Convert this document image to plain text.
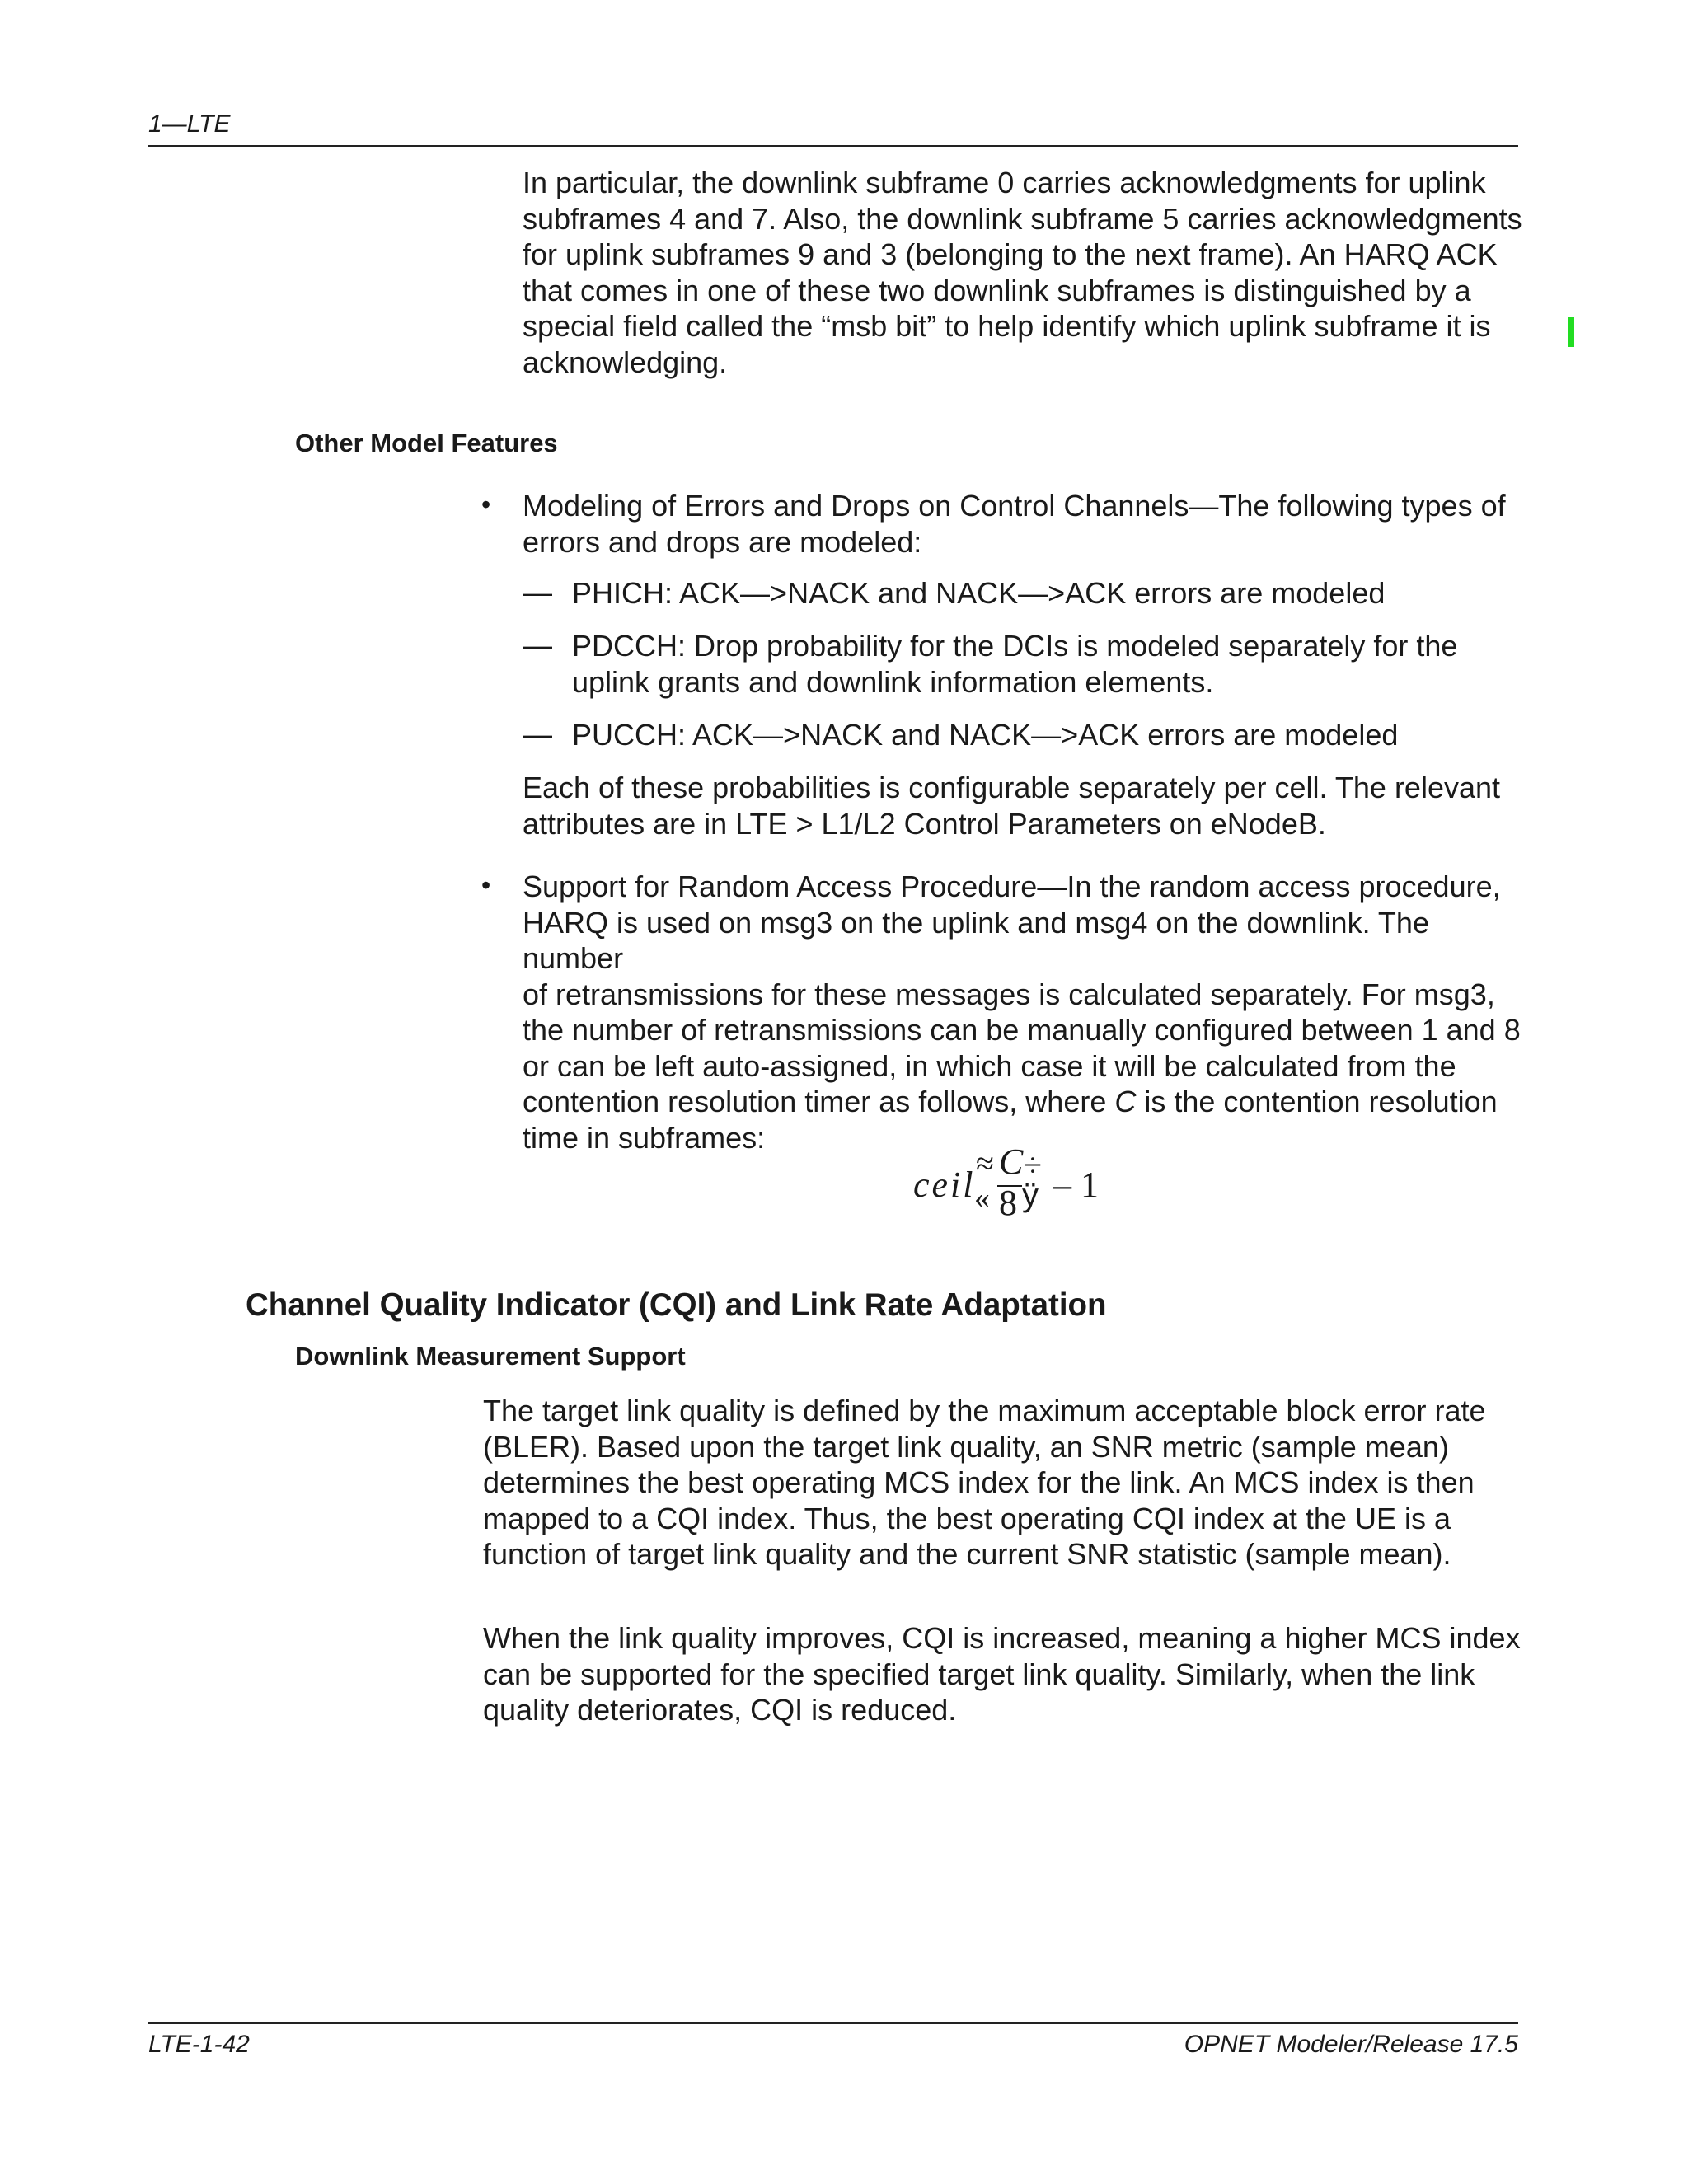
1—LTE
In particular, the downlink subframe 0 carries acknowledgments for uplink
subframes 4 and 7. Also, the downlink subframe 5 carries acknowledgments
for uplink subframes 9 and 3 (belonging to the next frame). An HARQ ACK
that comes in one of these two downlink subframes is distinguished by a
special field called the “msb bit” to help identify which uplink subframe it is
acknowledging.
Other Model Features
• Modeling of Errors and Drops on Control Channels—The following types of
errors and drops are modeled:
— PHICH: ACK—>NACK and NACK—>ACK errors are modeled
— PDCCH: Drop probability for the DCIs is modeled separately for the
uplink grants and downlink information elements.
— PUCCH: ACK—>NACK and NACK—>ACK errors are modeled
Each of these probabilities is configurable separately per cell. The relevant
attributes are in LTE > L1/L2 Control Parameters on eNodeB.
• Support for Random Access Procedure—In the random access procedure,
HARQ is used on msg3 on the uplink and msg4 on the downlink. The number
of retransmissions for these messages is calculated separately. For msg3,
the number of retransmissions can be manually configured between 1 and 8
or can be left auto-assigned, in which case it will be calculated from the
contention resolution timer as follows, where C is the contention resolution
time in subframes:
ceil
≈ C ÷
« 8 ÿ – 1
Channel Quality Indicator (CQI) and Link Rate Adaptation
Downlink Measurement Support
The target link quality is defined by the maximum acceptable block error rate
(BLER). Based upon the target link quality, an SNR metric (sample mean)
determines the best operating MCS index for the link. An MCS index is then
mapped to a CQI index. Thus, the best operating CQI index at the UE is a
function of target link quality and the current SNR statistic (sample mean).
When the link quality improves, CQI is increased, meaning a higher MCS index
can be supported for the specified target link quality. Similarly, when the link
quality deteriorates, CQI is reduced.
LTE-1-42	OPNET Modeler/Release 17.5
